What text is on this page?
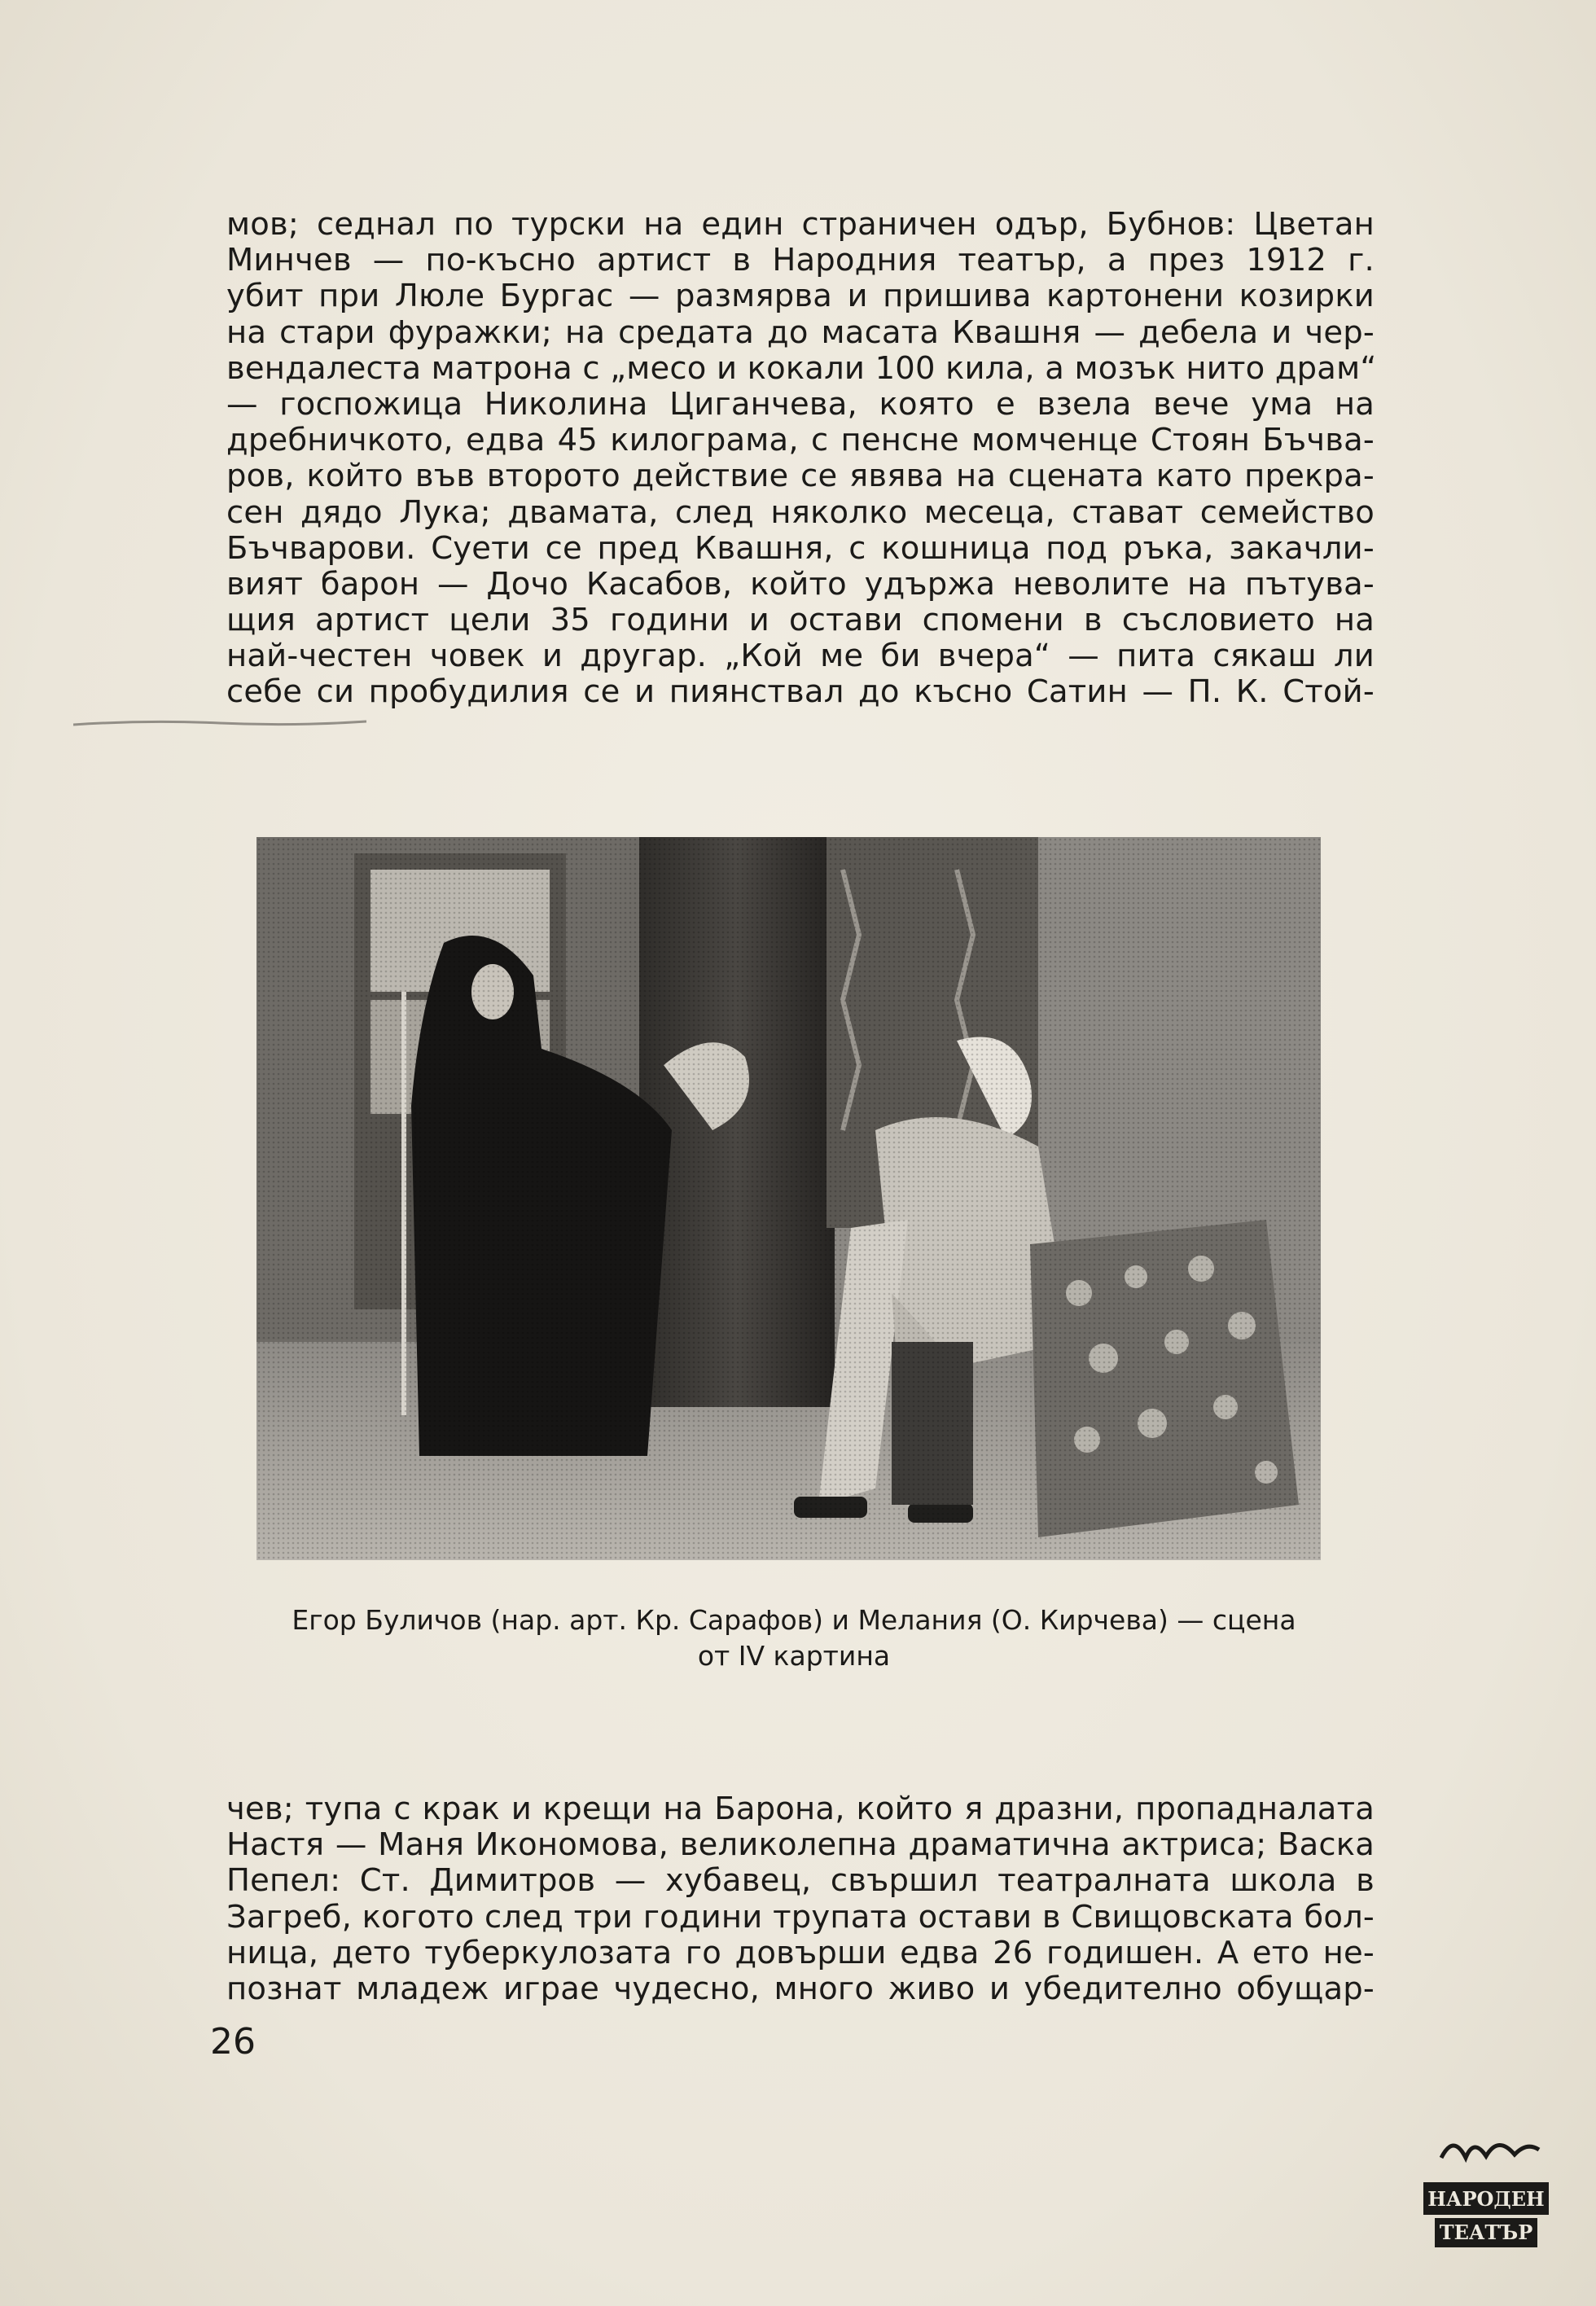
мов; седнал по турски на един страничен одър, Бубнов: Цветан
Минчев — по-късно артист в Народния театър, а през 1912 г.
убит при Люле Бургас — размярва и пришива картонени козирки
на стари фуражки; на средата до масата Квашня — дебела и чер-
вендалеста матрона с „месо и кокали 100 кила, а мозък нито драм“
— госпожица Николина Циганчева, която е взела вече ума на
дребничкото, едва 45 килограма, с пенсне момченце Стоян Бъчва-
ров, който във второто действие се явява на сцената като прекра-
сен дядо Лука; двамата, след няколко месеца, стават семейство
Бъчварови. Суети се пред Квашня, с кошница под ръка, закачли-
вият барон — Дочо Касабов, който удържа неволите на пътува-
щия артист цели 35 години и остави спомени в съсловието на
най-честен човек и другар. „Кой ме би вчера“ — пита сякаш ли
себе си пробудилия се и пиянствал до късно Сатин — П. К. Стой-
Егор Буличов (нар. арт. Кр. Сарафов) и Мелания (О. Кирчева) — сцена
от IV картина
чев; тупа с крак и крещи на Барона, който я дразни, пропадналата
Настя — Маня Икономова, великолепна драматична актриса; Васка
Пепел: Ст. Димитров — хубавец, свършил театралната школа в
Загреб, когото след три години трупата остави в Свищовската бол-
ница, дето туберкулозата го довърши едва 26 годишен. А ето не-
познат младеж играе чудесно, много живо и убедително обущар-
26
НАРОДЕН
ТЕАТЪР
